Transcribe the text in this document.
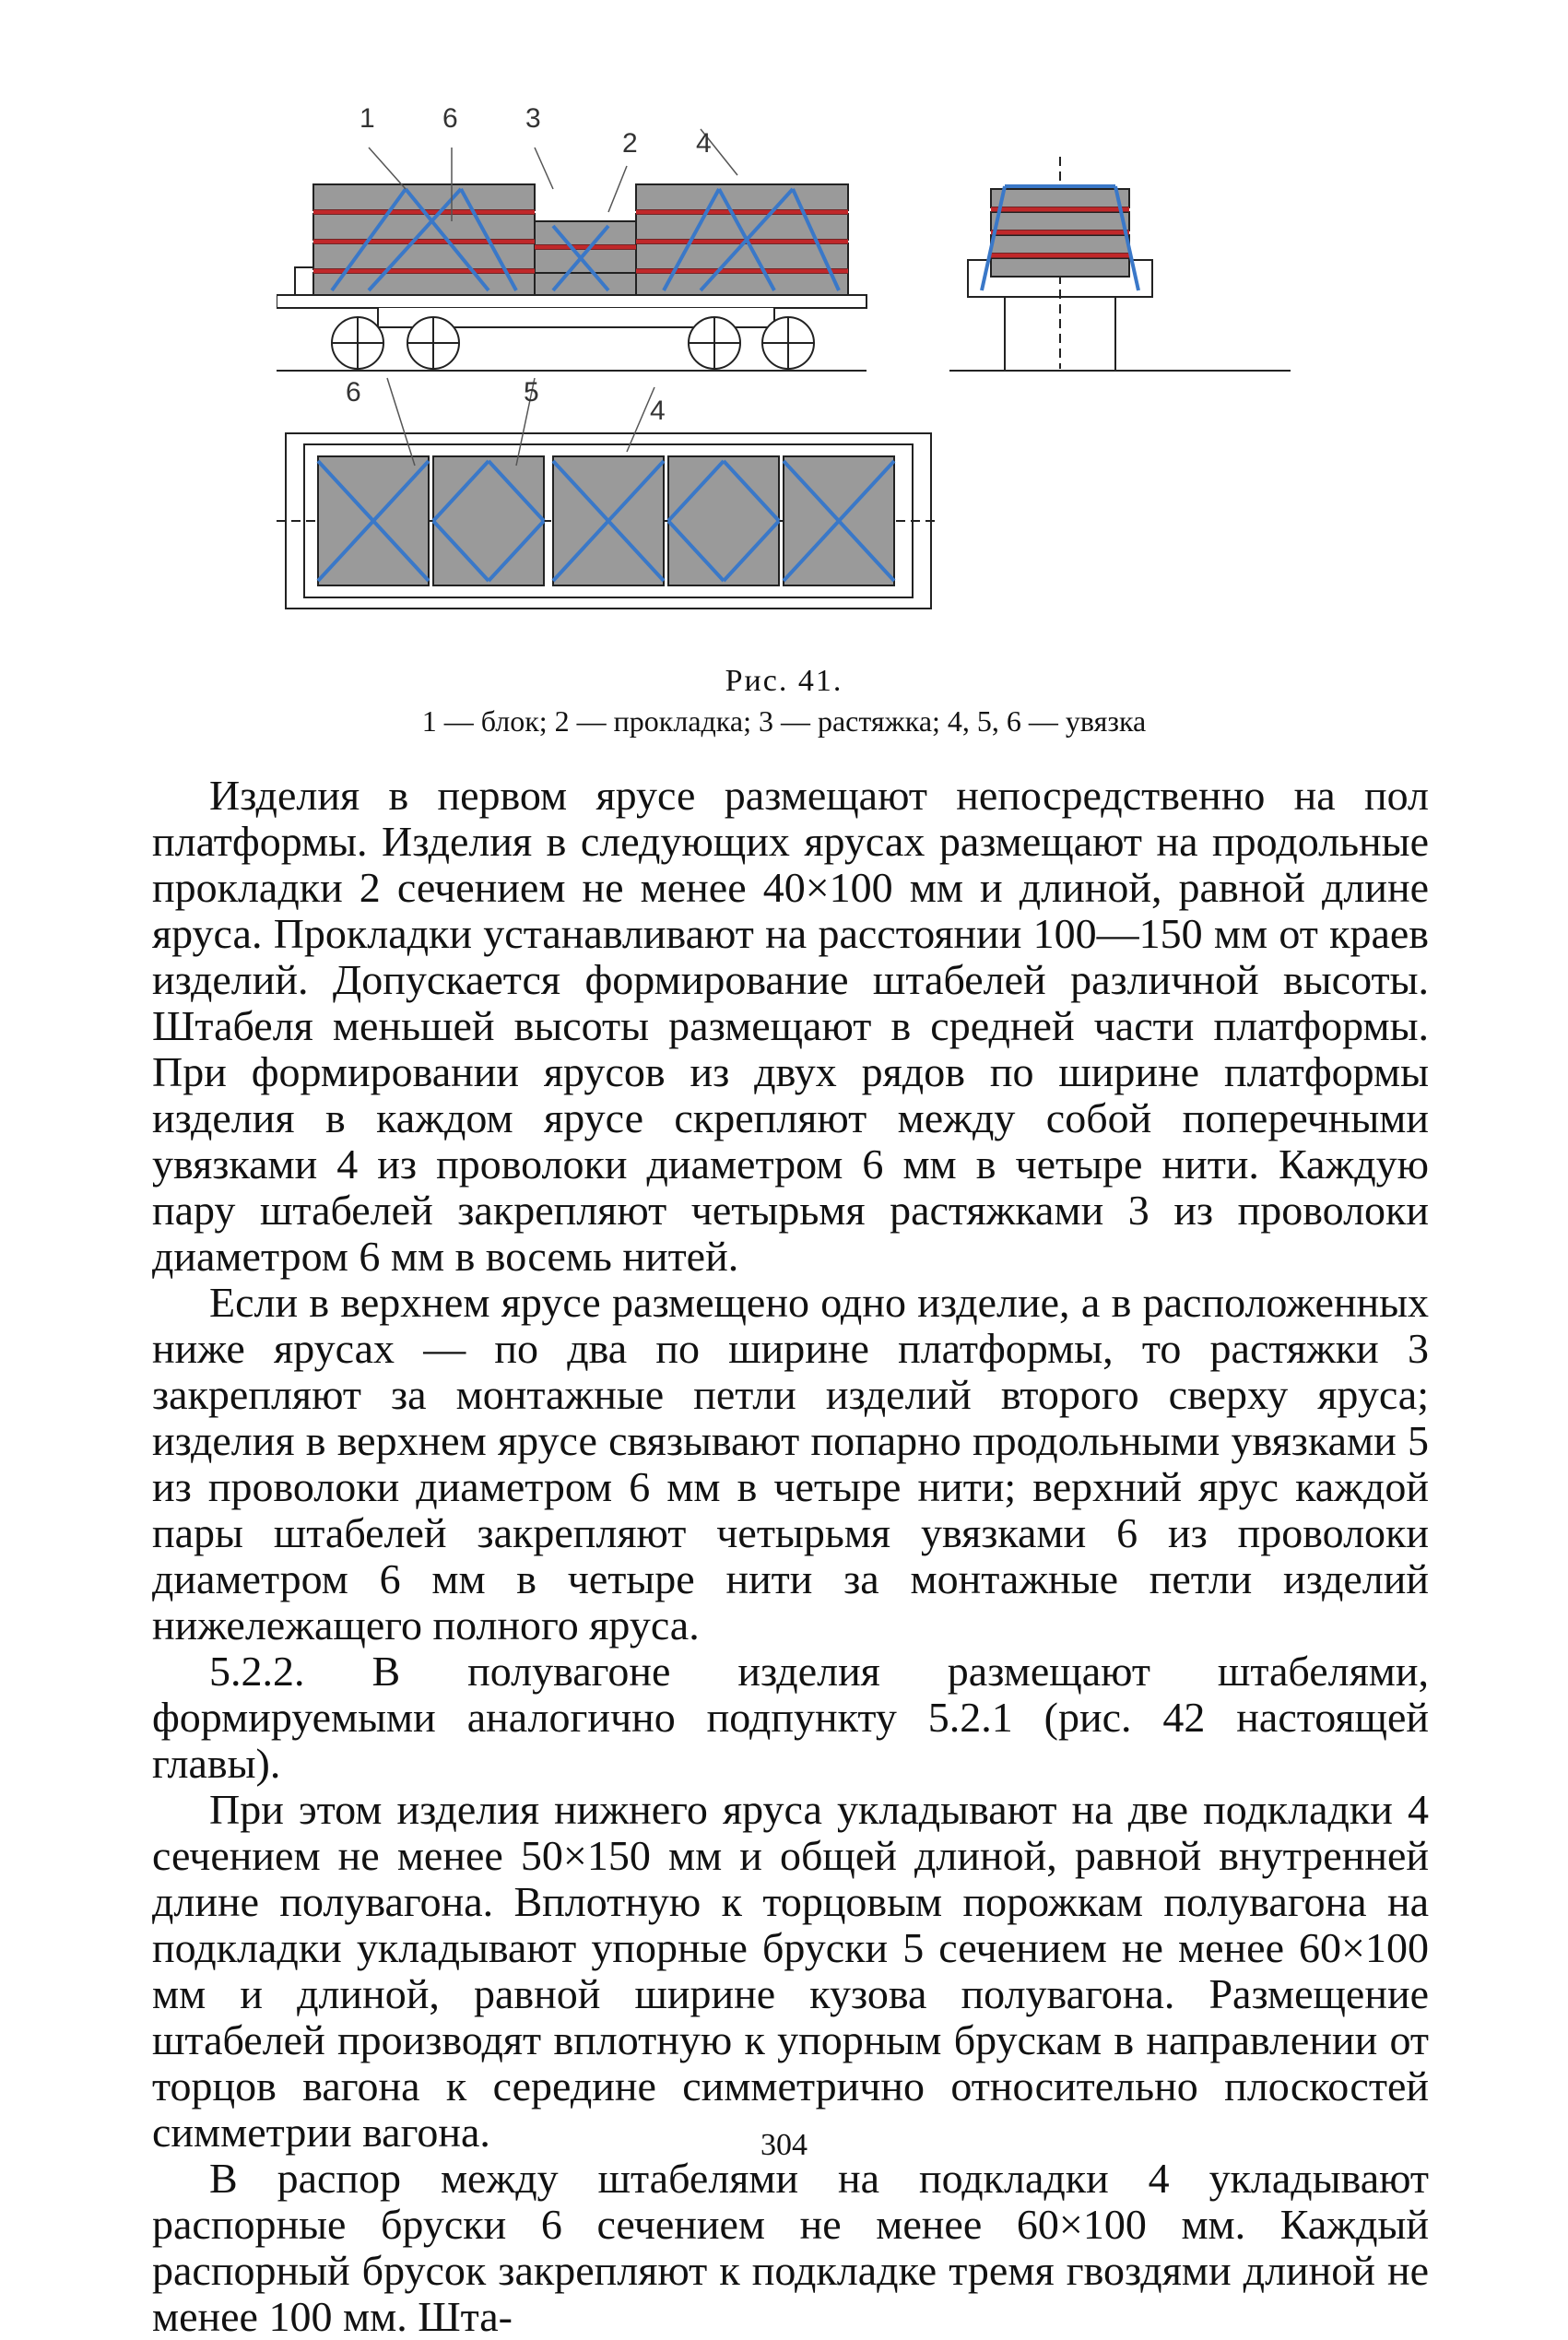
1 6 3
2 4
6	5
4
Рис. 41.
1 — блок; 2 — прокладка; 3 — растяжка; 4, 5, 6 — увязка

Изделия в первом ярусе размещают непосредственно на пол платформы. Изделия в следующих ярусах размещают на продольные прокладки 2 сечением не менее 40×100 мм и длиной, равной длине яруса. Прокладки устанавливают на расстоянии 100—150 мм от краев изделий. Допускается формирование штабелей различной высоты. Штабеля меньшей высоты размещают в средней части платформы. При формировании ярусов из двух рядов по ширине платформы изделия в каждом ярусе скрепляют между собой поперечными увязками 4 из проволоки диаметром 6 мм в четыре нити. Каждую пару штабелей закрепляют четырьмя растяжками 3 из проволоки диаметром 6 мм в восемь нитей.

Если в верхнем ярусе размещено одно изделие, а в расположенных ниже ярусах — по два по ширине платформы, то растяжки 3 закрепляют за монтажные петли изделий второго сверху яруса; изделия в верхнем ярусе связывают попарно продольными увязками 5 из проволоки диаметром 6 мм в четыре нити; верхний ярус каждой пары штабелей закрепляют четырьмя увязками 6 из проволоки диаметром 6 мм в четыре нити за монтажные петли изделий нижележащего полного яруса.

5.2.2. В полувагоне изделия размещают штабелями, формируемыми аналогично подпункту 5.2.1 (рис. 42 настоящей главы).

При этом изделия нижнего яруса укладывают на две подкладки 4 сечением не менее 50×150 мм и общей длиной, равной внутренней длине полувагона. Вплотную к торцовым порожкам полувагона на подкладки укладывают упорные бруски 5 сечением не менее 60×100 мм и длиной, равной ширине кузова полувагона. Размещение штабелей производят вплотную к упорным брускам в направлении от торцов вагона к середине симметрично относительно плоскостей симметрии вагона.

В распор между штабелями на подкладки 4 укладывают распорные бруски 6 сечением не менее 60×100 мм. Каждый распорный брусок закрепляют к подкладке тремя гвоздями длиной не менее 100 мм. Шта-

304
